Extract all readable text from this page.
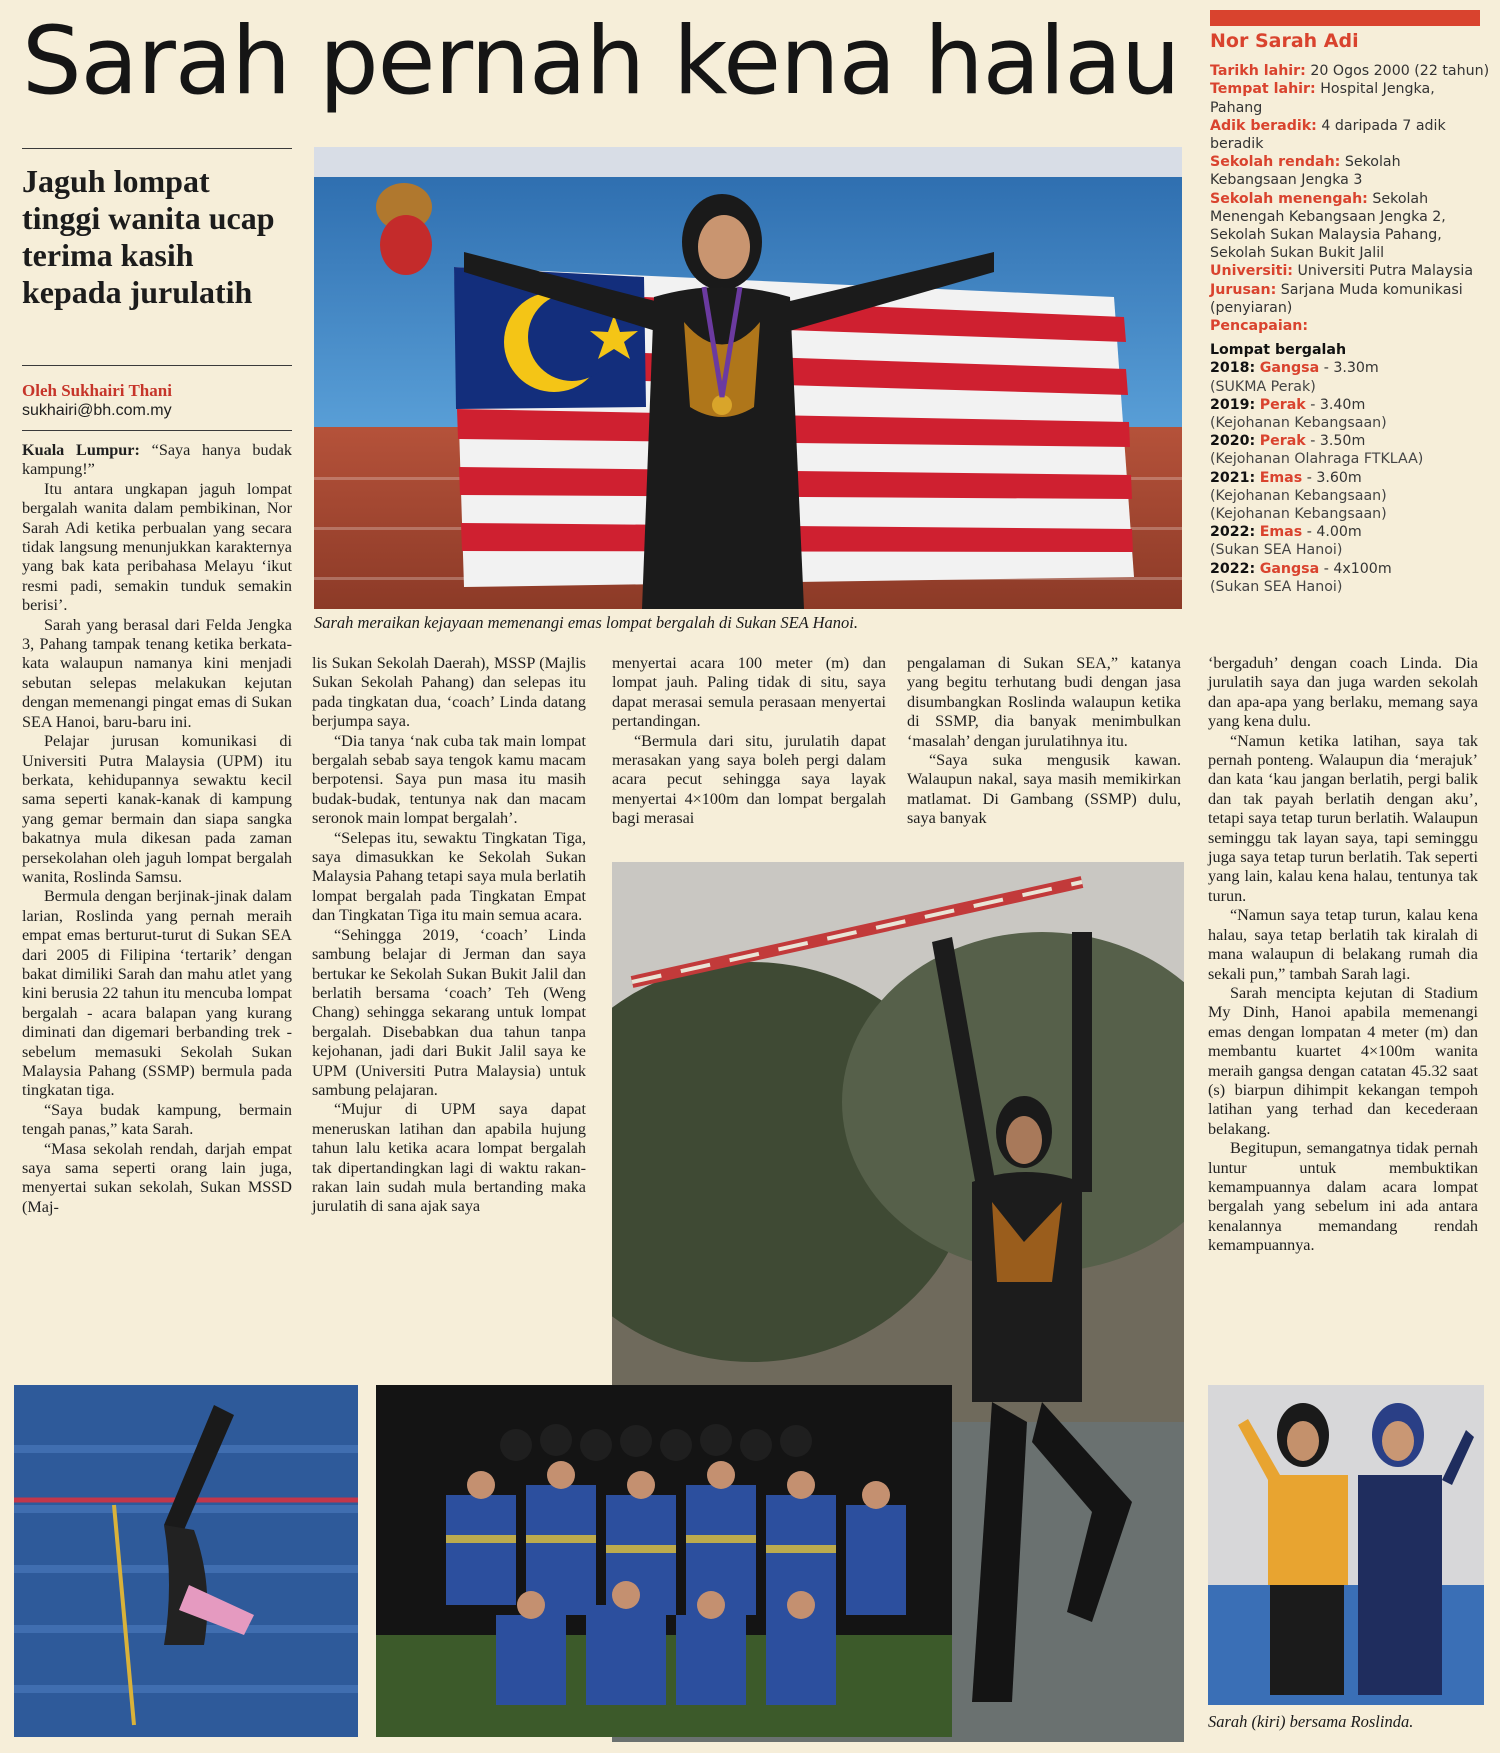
Sarah pernah kena halau
Jaguh lompat tinggi wanita ucap terima kasih kepada jurulatih

Oleh Sukhairi Thani

sukhairi@bh.com.my

Sarah meraikan kejayaan memenangi emas lompat bergalah di Sukan SEA Hanoi.
Nor Sarah Adi
Tarikh lahir: 20 Ogos 2000 (22 tahun)
Tempat lahir: Hospital Jengka, Pahang
Adik beradik: 4 daripada 7 adik beradik
Sekolah rendah: Sekolah Kebangsaan Jengka 3
Sekolah menengah: Sekolah Menengah Kebangsaan Jengka 2, Sekolah Sukan Malaysia Pahang, Sekolah Sukan Bukit Jalil
Universiti: Universiti Putra Malaysia
Jurusan: Sarjana Muda komunikasi (penyiaran)
Pencapaian:
Lompat bergalah
2018: Gangsa - 3.30m
(SUKMA Perak)
2019: Perak - 3.40m
(Kejohanan Kebangsaan)
2020: Perak - 3.50m
(Kejohanan Olahraga FTKLAA)
2021: Emas - 3.60m
(Kejohanan Kebangsaan) (Kejohanan Kebangsaan)
2022: Emas - 4.00m
(Sukan SEA Hanoi)
2022: Gangsa - 4x100m
(Sukan SEA Hanoi)

Kuala Lumpur: “Saya hanya budak kampung!”

Itu antara ungkapan jaguh lompat bergalah wanita dalam pembikinan, Nor Sarah Adi ketika perbualan yang secara tidak langsung menunjukkan karakternya yang bak kata peribahasa Melayu ‘ikut resmi padi, semakin tunduk semakin berisi’.

Sarah yang berasal dari Felda Jengka 3, Pahang tampak tenang ketika berkata-kata walaupun namanya kini menjadi sebutan selepas melakukan kejutan dengan memenangi pingat emas di Sukan SEA Hanoi, baru-baru ini.

Pelajar jurusan komunikasi di Universiti Putra Malaysia (UPM) itu berkata, kehidupannya sewaktu kecil sama seperti kanak-kanak di kampung yang gemar bermain dan siapa sangka bakatnya mula dikesan pada zaman persekolahan oleh jaguh lompat bergalah wanita, Roslinda Samsu.

Bermula dengan berjinak-jinak dalam larian, Roslinda yang pernah meraih empat emas berturut-turut di Sukan SEA dari 2005 di Filipina ‘tertarik’ dengan bakat dimiliki Sarah dan mahu atlet yang kini berusia 22 tahun itu mencuba lompat bergalah - acara balapan yang kurang diminati dan digemari berbanding trek - sebelum memasuki Sekolah Sukan Malaysia Pahang (SSMP) bermula pada tingkatan tiga.

“Saya budak kampung, bermain tengah panas,” kata Sarah.

“Masa sekolah rendah, darjah empat saya sama seperti orang lain juga, menyertai sukan sekolah, Sukan MSSD (Maj-

lis Sukan Sekolah Daerah), MSSP (Majlis Sukan Sekolah Pahang) dan selepas itu pada tingkatan dua, ‘coach’ Linda datang berjumpa saya.

“Dia tanya ‘nak cuba tak main lompat bergalah sebab saya tengok kamu macam berpotensi. Saya pun masa itu masih budak-budak, tentunya nak dan macam seronok main lompat bergalah’.

“Selepas itu, sewaktu Tingkatan Tiga, saya dimasukkan ke Sekolah Sukan Malaysia Pahang tetapi saya mula berlatih lompat bergalah pada Tingkatan Empat dan Tingkatan Tiga itu main semua acara.

“Sehingga 2019, ‘coach’ Linda sambung belajar di Jerman dan saya bertukar ke Sekolah Sukan Bukit Jalil dan berlatih bersama ‘coach’ Teh (Weng Chang) sehingga sekarang untuk lompat bergalah. Disebabkan dua tahun tanpa kejohanan, jadi dari Bukit Jalil saya ke UPM (Universiti Putra Malaysia) untuk sambung pelajaran.

“Mujur di UPM saya dapat meneruskan latihan dan apabila hujung tahun lalu ketika acara lompat bergalah tak dipertandingkan lagi di waktu rakan-rakan lain sudah mula bertanding maka jurulatih di sana ajak saya

menyertai acara 100 meter (m) dan lompat jauh. Paling tidak di situ, saya dapat merasai semula perasaan menyertai pertandingan.

“Bermula dari situ, jurulatih dapat merasakan yang saya boleh pergi dalam acara pecut sehingga saya layak menyertai 4×100m dan lompat bergalah bagi merasai

pengalaman di Sukan SEA,” katanya yang begitu terhutang budi dengan jasa disumbangkan Roslinda walaupun ketika di SSMP, dia banyak menimbulkan ‘masalah’ dengan jurulatihnya itu.

“Saya suka mengusik kawan. Walaupun nakal, saya masih memikirkan matlamat. Di Gambang (SSMP) dulu, saya banyak

‘bergaduh’ dengan coach Linda. Dia jurulatih saya dan juga warden sekolah dan apa-apa yang berlaku, memang saya yang kena dulu.

“Namun ketika latihan, saya tak pernah ponteng. Walaupun dia ‘merajuk’ dan kata ‘kau jangan berlatih, pergi balik dan tak payah berlatih dengan aku’, tetapi saya tetap turun berlatih. Walaupun seminggu tak layan saya, tapi seminggu juga saya tetap turun berlatih. Tak seperti yang lain, kalau kena halau, tentunya tak turun.

“Namun saya tetap turun, kalau kena halau, saya tetap berlatih tak kiralah di mana walaupun di belakang rumah dia sekali pun,” tambah Sarah lagi.

Sarah mencipta kejutan di Stadium My Dinh, Hanoi apabila memenangi emas dengan lompatan 4 meter (m) dan membantu kuartet 4×100m wanita meraih gangsa dengan catatan 45.32 saat (s) biarpun dihimpit kekangan tempoh latihan yang terhad dan kecederaan belakang.

Begitupun, semangatnya tidak pernah luntur untuk membuktikan kemampuannya dalam acara lompat bergalah yang sebelum ini ada antara kenalannya memandang rendah kemampuannya.

Sarah (kiri) bersama Roslinda.
